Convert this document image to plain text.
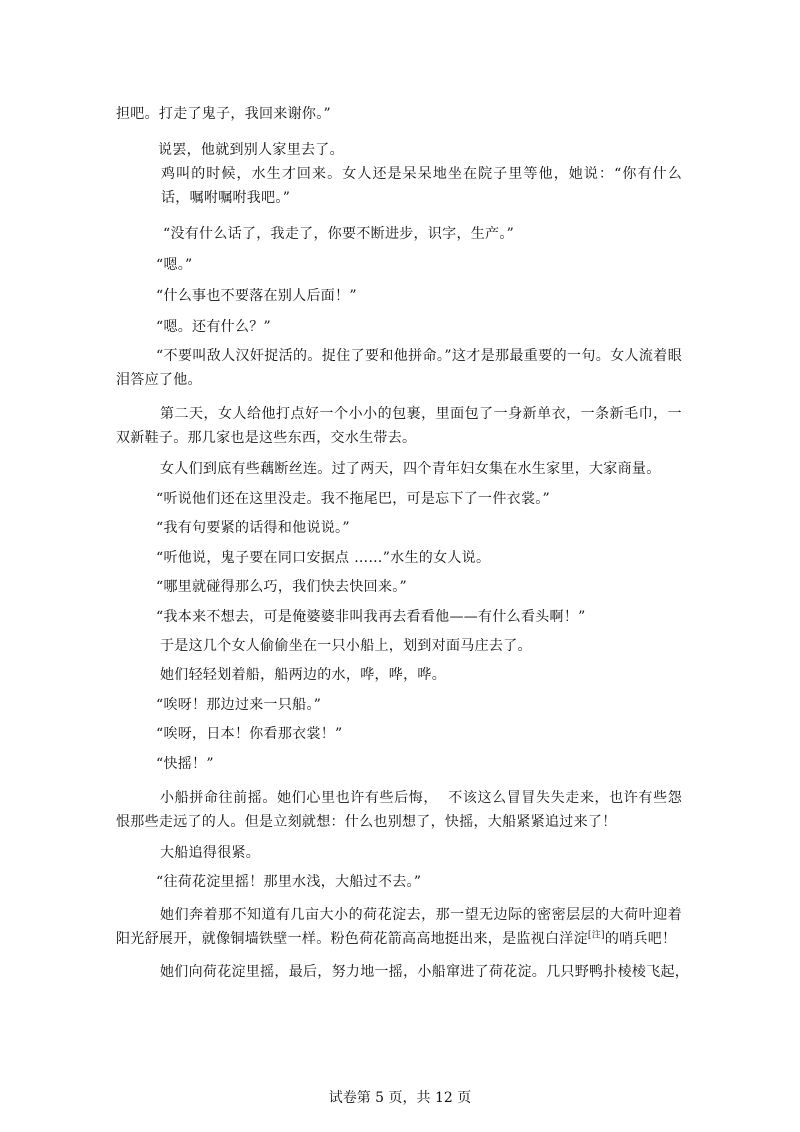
担吧。打走了鬼子，我回来谢你。”
说罢，他就到别人家里去了。
鸡叫的时候，水生才回来。女人还是呆呆地坐在院子里等他，她说：“你有什么话，嘱咐嘱咐我吧。”
“没有什么话了，我走了，你要不断进步，识字，生产。”
“嗯。”
“什么事也不要落在别人后面！”
“嗯。还有什么？”
“不要叫敌人汉奸捉活的。捉住了要和他拼命。”这才是那最重要的一句。女人流着眼泪答应了他。
第二天，女人给他打点好一个小小的包裹，里面包了一身新单衣，一条新毛巾，一双新鞋子。那几家也是这些东西，交水生带去。
女人们到底有些藕断丝连。过了两天，四个青年妇女集在水生家里，大家商量。
“听说他们还在这里没走。我不拖尾巴，可是忘下了一件衣裳。”
“我有句要紧的话得和他说说。”
“听他说，鬼子要在同口安据点 ……”水生的女人说。
“哪里就碰得那么巧，我们快去快回来。”
“我本来不想去，可是俺婆婆非叫我再去看看他——有什么看头啊！”
于是这几个女人偷偷坐在一只小船上，划到对面马庄去了。
她们轻轻划着船，船两边的水，哗，哗，哗。
“唉呀！那边过来一只船。”
“唉呀，日本！你看那衣裳！”
“快摇！”
小船拼命往前摇。她们心里也许有些后悔，  不该这么冒冒失失走来，也许有些怨恨那些走远了的人。但是立刻就想：什么也别想了，快摇，大船紧紧追过来了！
大船追得很紧。
“往荷花淀里摇！那里水浅，大船过不去。”
她们奔着那不知道有几亩大小的荷花淀去，那一望无边际的密密层层的大荷叶迎着阳光舒展开，就像铜墙铁壁一样。粉色荷花箭高高地挺出来，是监视白洋淀[注]的哨兵吧！
她们向荷花淀里摇，最后，努力地一摇，小船窜进了荷花淀。几只野鸭扑棱棱飞起，
试卷第 5 页，共 12 页
